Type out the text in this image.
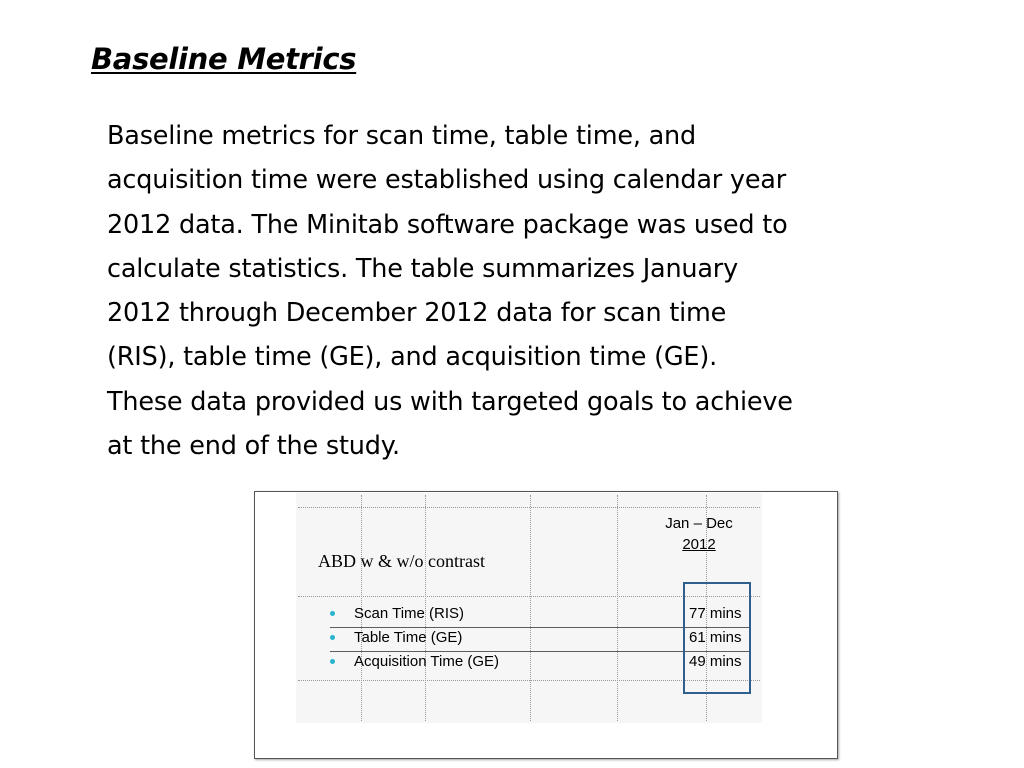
Baseline Metrics

Baseline metrics for scan time, table time, and
acquisition time were established using calendar year
2012 data. The Minitab software package was used to
calculate statistics. The table summarizes January
2012 through December 2012 data for scan time
(RIS), table time (GE), and acquisition time (GE).
These data provided us with targeted goals to achieve
at the end of the study.

Jan – Dec
2012
ABD w & w/o contrast
Scan Time (RIS)
Table Time (GE)
Acquisition Time (GE)
77 mins
61 mins
49 mins
